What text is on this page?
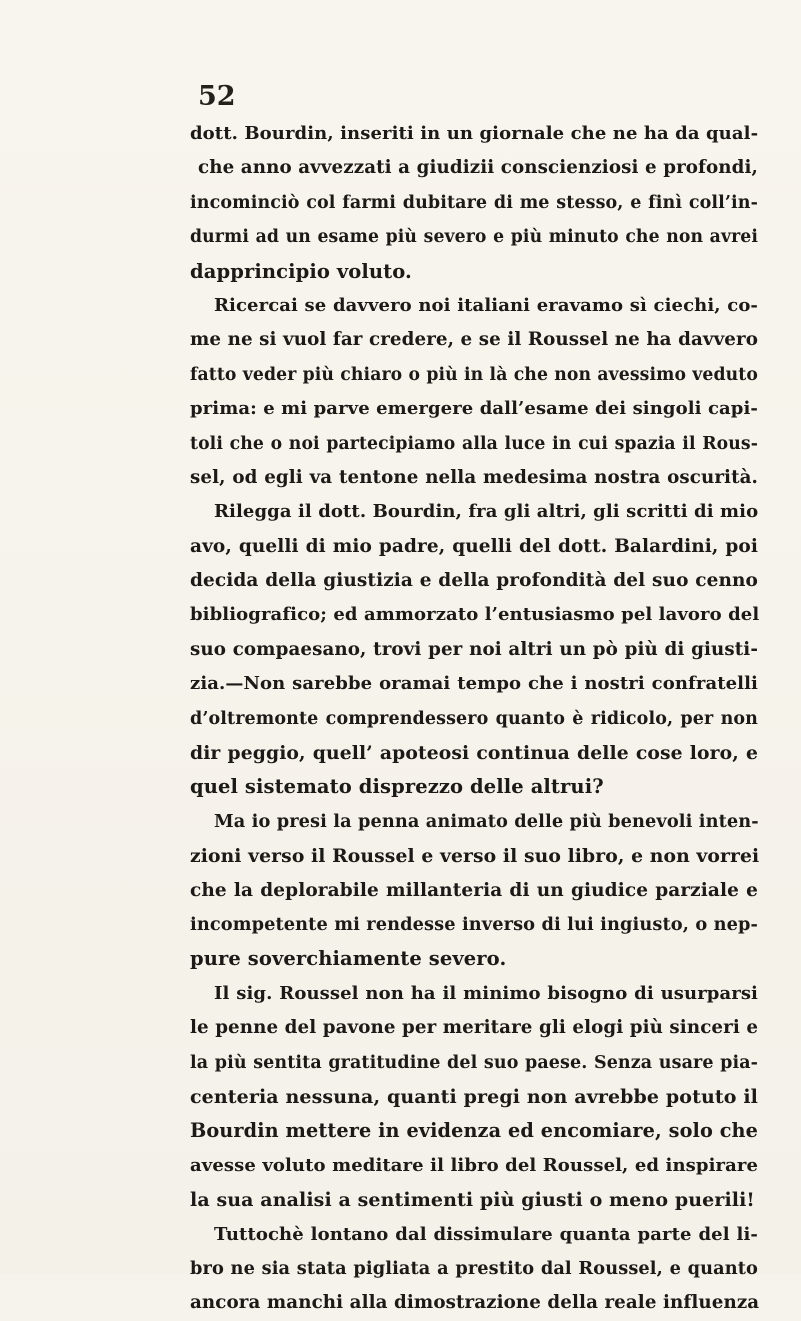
52
dott. Bourdin, inseriti in un giornale che ne ha da qual-
che anno avvezzati a giudizii conscienziosi e profondi,
incominciò col farmi dubitare di me stesso, e finì coll’in-
durmi ad un esame più severo e più minuto che non avrei
dapprincipio voluto.
Ricercai se davvero noi italiani eravamo sì ciechi, co-
me ne si vuol far credere, e se il Roussel ne ha davvero
fatto veder più chiaro o più in là che non avessimo veduto
prima: e mi parve emergere dall’esame dei singoli capi-
toli che o noi partecipiamo alla luce in cui spazia il Rous-
sel, od egli va tentone nella medesima nostra oscurità.
Rilegga il dott. Bourdin, fra gli altri, gli scritti di mio
avo, quelli di mio padre, quelli del dott. Balardini, poi
decida della giustizia e della profondità del suo cenno
bibliografico; ed ammorzato l’entusiasmo pel lavoro del
suo compaesano, trovi per noi altri un pò più di giusti-
zia.—Non sarebbe oramai tempo che i nostri confratelli
d’oltremonte comprendessero quanto è ridicolo, per non
dir peggio, quell’ apoteosi continua delle cose loro, e
quel sistemato disprezzo delle altrui?
Ma io presi la penna animato delle più benevoli inten-
zioni verso il Roussel e verso il suo libro, e non vorrei
che la deplorabile millanteria di un giudice parziale e
incompetente mi rendesse inverso di lui ingiusto, o nep-
pure soverchiamente severo.
Il sig. Roussel non ha il minimo bisogno di usurparsi
le penne del pavone per meritare gli elogi più sinceri e
la più sentita gratitudine del suo paese. Senza usare pia-
centeria nessuna, quanti pregi non avrebbe potuto il
Bourdin mettere in evidenza ed encomiare, solo che
avesse voluto meditare il libro del Roussel, ed inspirare
la sua analisi a sentimenti più giusti o meno puerili!
Tuttochè lontano dal dissimulare quanta parte del li-
bro ne sia stata pigliata a prestito dal Roussel, e quanto
ancora manchi alla dimostrazione della reale influenza
